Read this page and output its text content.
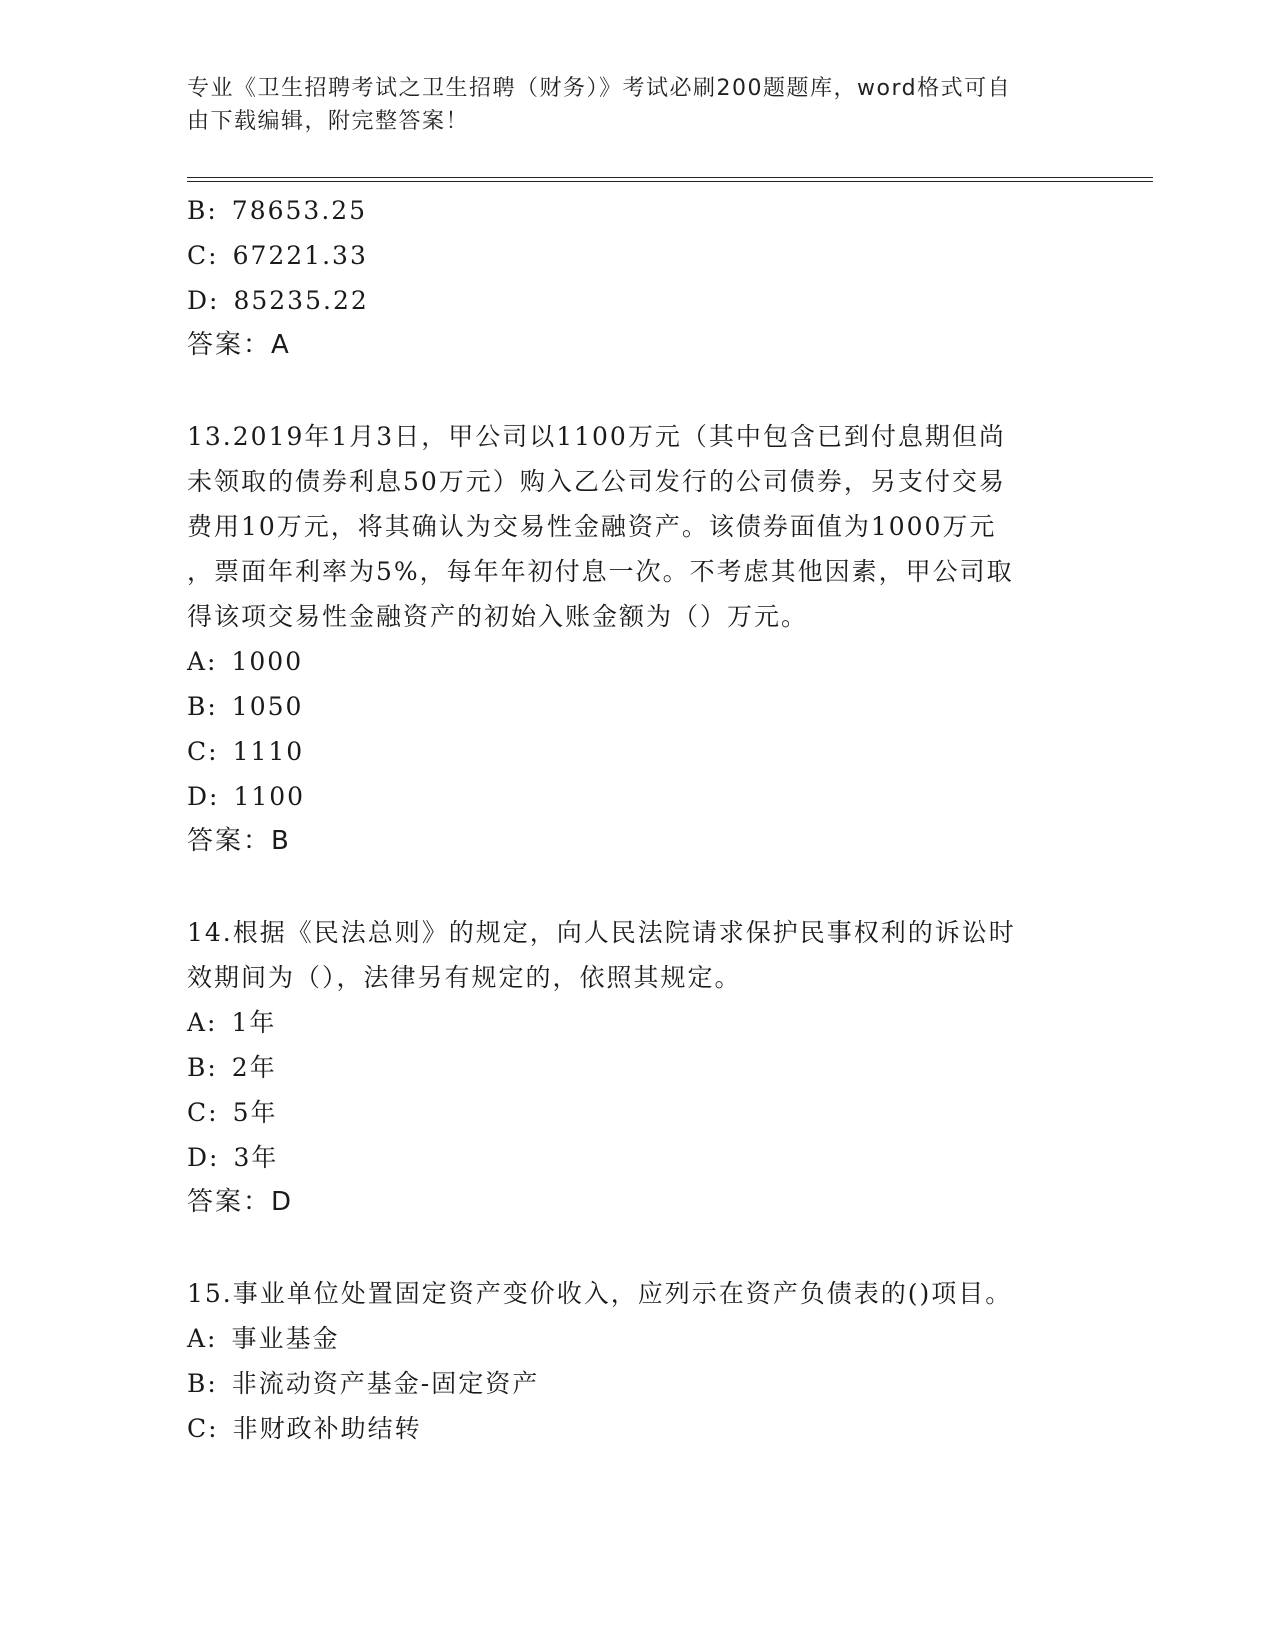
专业《卫生招聘考试之卫生招聘（财务）》考试必刷200题题库，word格式可自
由下载编辑，附完整答案！
B: 78653.25
C: 67221.33
D: 85235.22
答案：A
13.2019年1月3日，甲公司以1100万元（其中包含已到付息期但尚
未领取的债券利息50万元）购入乙公司发行的公司债券，另支付交易
费用10万元，将其确认为交易性金融资产。该债券面值为1000万元
，票面年利率为5%，每年年初付息一次。不考虑其他因素，甲公司取
得该项交易性金融资产的初始入账金额为（）万元。
A: 1000
B: 1050
C: 1110
D: 1100
答案：B
14.根据《民法总则》的规定，向人民法院请求保护民事权利的诉讼时
效期间为（），法律另有规定的，依照其规定。
A: 1年
B: 2年
C: 5年
D: 3年
答案：D
15.事业单位处置固定资产变价收入，应列示在资产负债表的()项目。
A: 事业基金
B: 非流动资产基金-固定资产
C: 非财政补助结转
